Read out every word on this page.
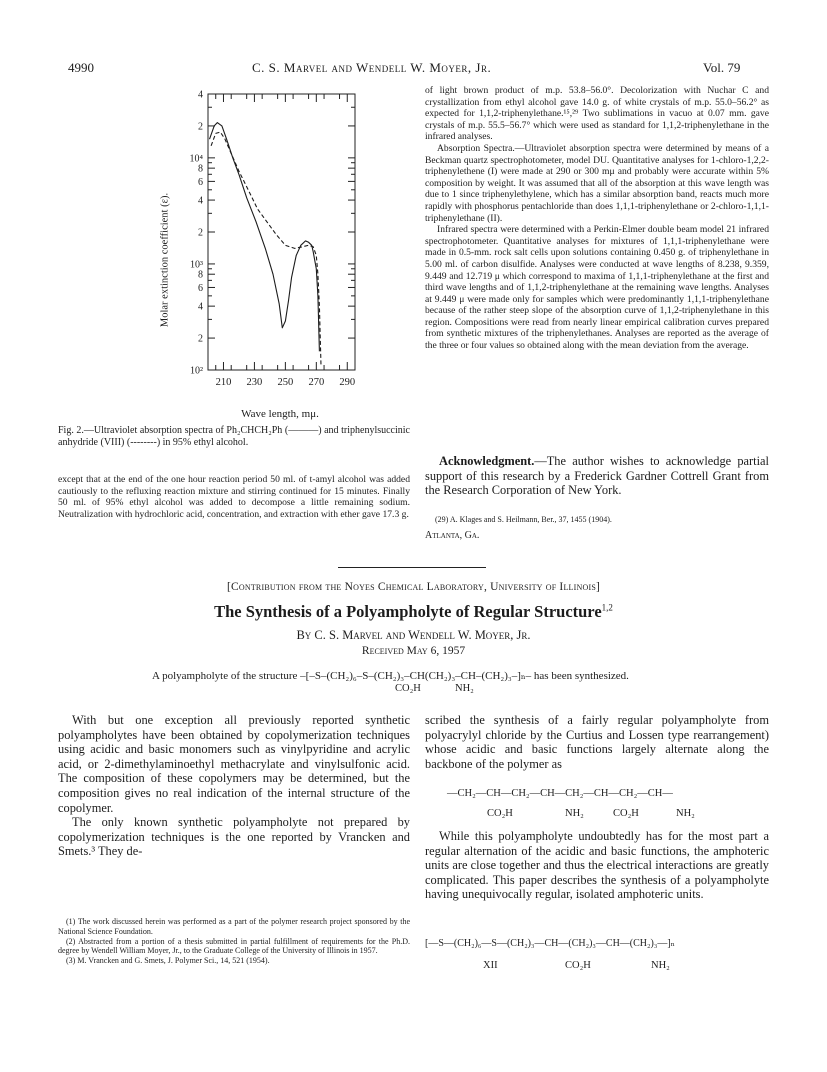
4990	C. S. Marvel and Wendell W. Moyer, Jr.	Vol. 79
210 230 250 270 290
10²
2
4
6
8
10³
2
4
6
8
10⁴
2
4
Molar extinction coefficient (ε).
Wave length, mμ.
Fig. 2.—Ultraviolet absorption spectra of Ph₂CHCH₂Ph (———) and triphenylsuccinic anhydride (VIII) (--------) in 95% ethyl alcohol.

except that at the end of the one hour reaction period 50 ml. of t-amyl alcohol was added cautiously to the refluxing reaction mixture and stirring continued for 15 minutes. Finally 50 ml. of 95% ethyl alcohol was added to decompose a little remaining sodium. Neutralization with hydrochloric acid, concentration, and extraction with ether gave 17.3 g.

of light brown product of m.p. 53.8–56.0°. Decolorization with Nuchar C and crystallization from ethyl alcohol gave 14.0 g. of white crystals of m.p. 55.0–56.2° as expected for 1,1,2-triphenylethane.¹⁵,²⁹ Two sublimations in vacuo at 0.07 mm. gave crystals of m.p. 55.5–56.7° which were used as standard for 1,1,2-triphenylethane in the infrared analyses.

Absorption Spectra.—Ultraviolet absorption spectra were determined by means of a Beckman quartz spectrophotometer, model DU. Quantitative analyses for 1-chloro-1,2,2-triphenylethene (I) were made at 290 or 300 mμ and probably were accurate within 5% composition by weight. It was assumed that all of the absorption at this wave length was due to 1 since triphenylethylene, which has a similar absorption band, reacts much more rapidly with phosphorus pentachloride than does 1,1,1-triphenylethane or 2-chloro-1,1,1-triphenylethane (II).

Infrared spectra were determined with a Perkin-Elmer double beam model 21 infrared spectrophotometer. Quantitative analyses for mixtures of 1,1,1-triphenylethane were made in 0.5-mm. rock salt cells upon solutions containing 0.450 g. of triphenylethane in 5.00 ml. of carbon disulfide. Analyses were conducted at wave lengths of 8.238, 9.359, 9.449 and 12.719 μ which correspond to maxima of 1,1,1-triphenylethane at the first and third wave lengths and of 1,1,2-triphenylethane at the remaining wave lengths. Analyses at 9.449 μ were made only for samples which were predominantly 1,1,1-triphenylethane because of the rather steep slope of the absorption curve of 1,1,2-triphenylethane in this region. Compositions were read from nearly linear empirical calibration curves prepared from synthetic mixtures of the triphenylethanes. Analyses are reported as the average of the three or four values so obtained along with the mean deviation from the average.

Acknowledgment.—The author wishes to acknowledge partial support of this research by a Frederick Gardner Cottrell Grant from the Research Corporation of New York.
(29) A. Klages and S. Heilmann, Ber., 37, 1455 (1904).
Atlanta, Ga.
[Contribution from the Noyes Chemical Laboratory, University of Illinois]
The Synthesis of a Polyampholyte of Regular Structure$^{1,2}$
By C. S. Marvel and Wendell W. Moyer, Jr.
Received May 6, 1957
A polyampholyte of the structure –[–S–(CH₂)₆–S–(CH₂)₃–CH(CH₂)₃–CH–(CH₂)₃–]ₙ– has been synthesized.
CO₂H	NH₂

With but one exception all previously reported synthetic polyampholytes have been obtained by copolymerization techniques using acidic and basic monomers such as vinylpyridine and acrylic acid, or 2-dimethylaminoethyl methacrylate and vinylsulfonic acid. The composition of these copolymers may be determined, but the composition gives no real indication of the internal structure of the copolymer.

The only known synthetic polyampholyte not prepared by copolymerization techniques is the one reported by Vrancken and Smets.³ They de-

(1) The work discussed herein was performed as a part of the polymer research project sponsored by the National Science Foundation.

(2) Abstracted from a portion of a thesis submitted in partial fulfillment of requirements for the Ph.D. degree by Wendell William Moyer, Jr., to the Graduate College of the University of Illinois in 1957.

(3) M. Vrancken and G. Smets, J. Polymer Sci., 14, 521 (1954).

scribed the synthesis of a fairly regular polyampholyte from polyacrylyl chloride by the Curtius and Lossen type rearrangement) whose acidic and basic functions largely alternate along the backbone of the polymer as

—CH₂—CH—CH₂—CH—CH₂—CH—CH₂—CH—
CO₂H	NH₂	CO₂H	NH₂

While this polyampholyte undoubtedly has for the most part a regular alternation of the acidic and basic functions, the amphoteric units are close together and thus the electrical interactions are greatly complicated. This paper describes the synthesis of a polyampholyte having unequivocally regular, isolated amphoteric units.

[—S—(CH₂)₆—S—(CH₂)₃—CH—(CH₂)₃—CH—(CH₂)₃—]ₙ
XII	CO₂H	NH₂
